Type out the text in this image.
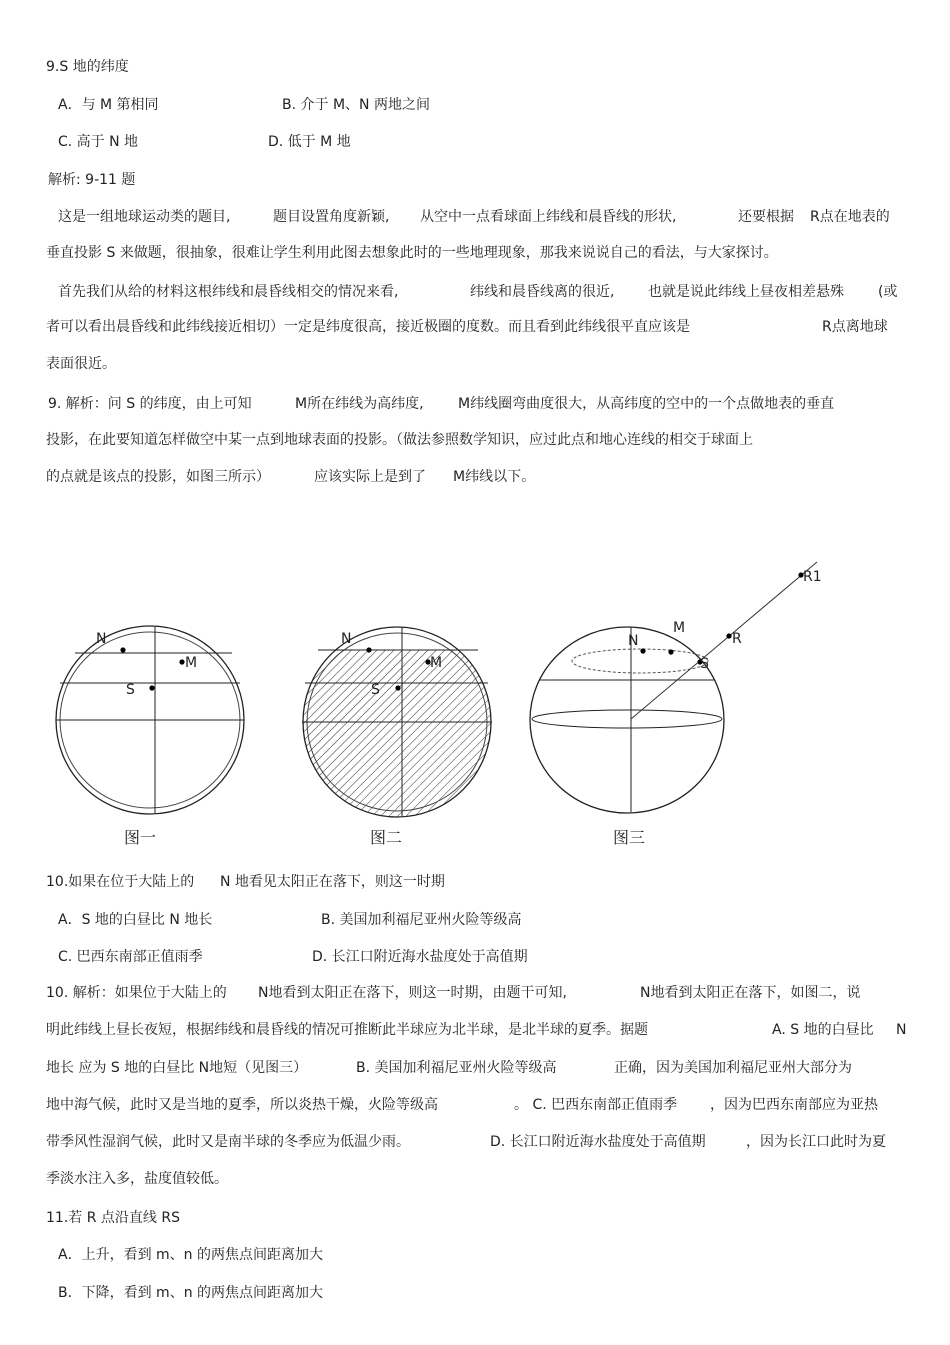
9.S 地的纬度
A．与 M 第相同	B. 介于 M、N 两地之间
C. 高于 N 地	D. 低于 M 地
解析: 9-11 题
这是一组地球运动类的题目,	题目设置角度新颖, 从空中一点看球面上纬线和晨昏线的形状,	还要根据 R点在地表的
垂直投影 S 来做题，很抽象，很难让学生利用此图去想象此时的一些地理现象，那我来说说自己的看法，与大家探讨。
首先我们从给的材料这根纬线和晨昏线相交的情况来看,	纬线和晨昏线离的很近, 也就是说此纬线上昼夜相差悬殊 (或
者可以看出晨昏线和此纬线接近相切）一定是纬度很高，接近极圈的度数。而且看到此纬线很平直应该是	R点离地球
表面很近。
9. 解析：问 S 的纬度，由上可知	M所在纬线为高纬度, M纬线圈弯曲度很大，从高纬度的空中的一个点做地表的垂直
投影，在此要知道怎样做空中某一点到地球表面的投影。（做法参照数学知识，应过此点和地心连线的相交于球面上
的点就是该点的投影，如图三所示）	应该实际上是到了 M纬线以下。
N
M
S
图一
N
M
S
图二
N
M
S
R
R1
图三
10.如果在位于大陆上的 N 地看见太阳正在落下，则这一时期
A．S 地的白昼比 N 地长	B. 美国加利福尼亚州火险等级高
C. 巴西东南部正值雨季	D. 长江口附近海水盐度处于高值期
10. 解析：如果位于大陆上的 N地看到太阳正在落下，则这一时期，由题干可知,	N地看到太阳正在落下，如图二，说
明此纬线上昼长夜短，根据纬线和晨昏线的情况可推断此半球应为北半球，是北半球的夏季。据题	A. S 地的白昼比 N
地长 应为 S 地的白昼比 N地短（见图三）	B. 美国加利福尼亚州火险等级高	正确，因为美国加利福尼亚州大部分为
地中海气候，此时又是当地的夏季，所以炎热干燥，火险等级高	。 C. 巴西东南部正值雨季 ，因为巴西东南部应为亚热
带季风性湿润气候，此时又是南半球的冬季应为低温少雨。	D. 长江口附近海水盐度处于高值期	，因为长江口此时为夏
季淡水注入多，盐度值较低。
11.若 R 点沿直线 RS
A．上升，看到 m、n 的两焦点间距离加大
B．下降，看到 m、n 的两焦点间距离加大
